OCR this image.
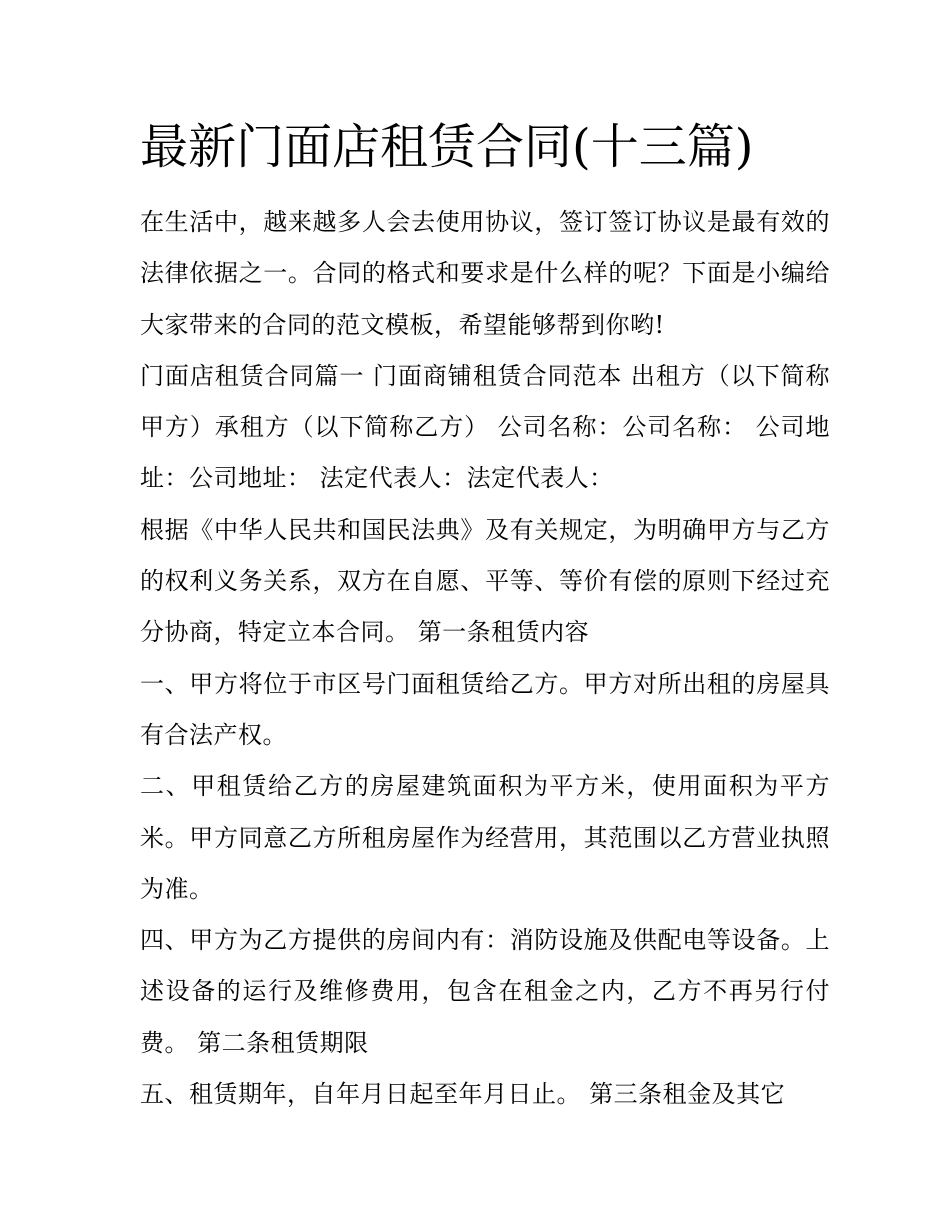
最新门面店租赁合同(十三篇)

在生活中，越来越多人会去使用协议，签订签订协议是最有效的法律依据之一。合同的格式和要求是什么样的呢？下面是小编给大家带来的合同的范文模板，希望能够帮到你哟!

门面店租赁合同篇一 门面商铺租赁合同范本 出租方（以下简称甲方）承租方（以下简称乙方） 公司名称：公司名称： 公司地址：公司地址： 法定代表人：法定代表人：

根据《中华人民共和国民法典》及有关规定，为明确甲方与乙方的权利义务关系，双方在自愿、平等、等价有偿的原则下经过充分协商，特定立本合同。 第一条租赁内容

一、甲方将位于市区号门面租赁给乙方。甲方对所出租的房屋具有合法产权。

二、甲租赁给乙方的房屋建筑面积为平方米，使用面积为平方米。甲方同意乙方所租房屋作为经营用，其范围以乙方营业执照为准。

四、甲方为乙方提供的房间内有：消防设施及供配电等设备。上述设备的运行及维修费用，包含在租金之内，乙方不再另行付费。 第二条租赁期限

五、租赁期年，自年月日起至年月日止。 第三条租金及其它
